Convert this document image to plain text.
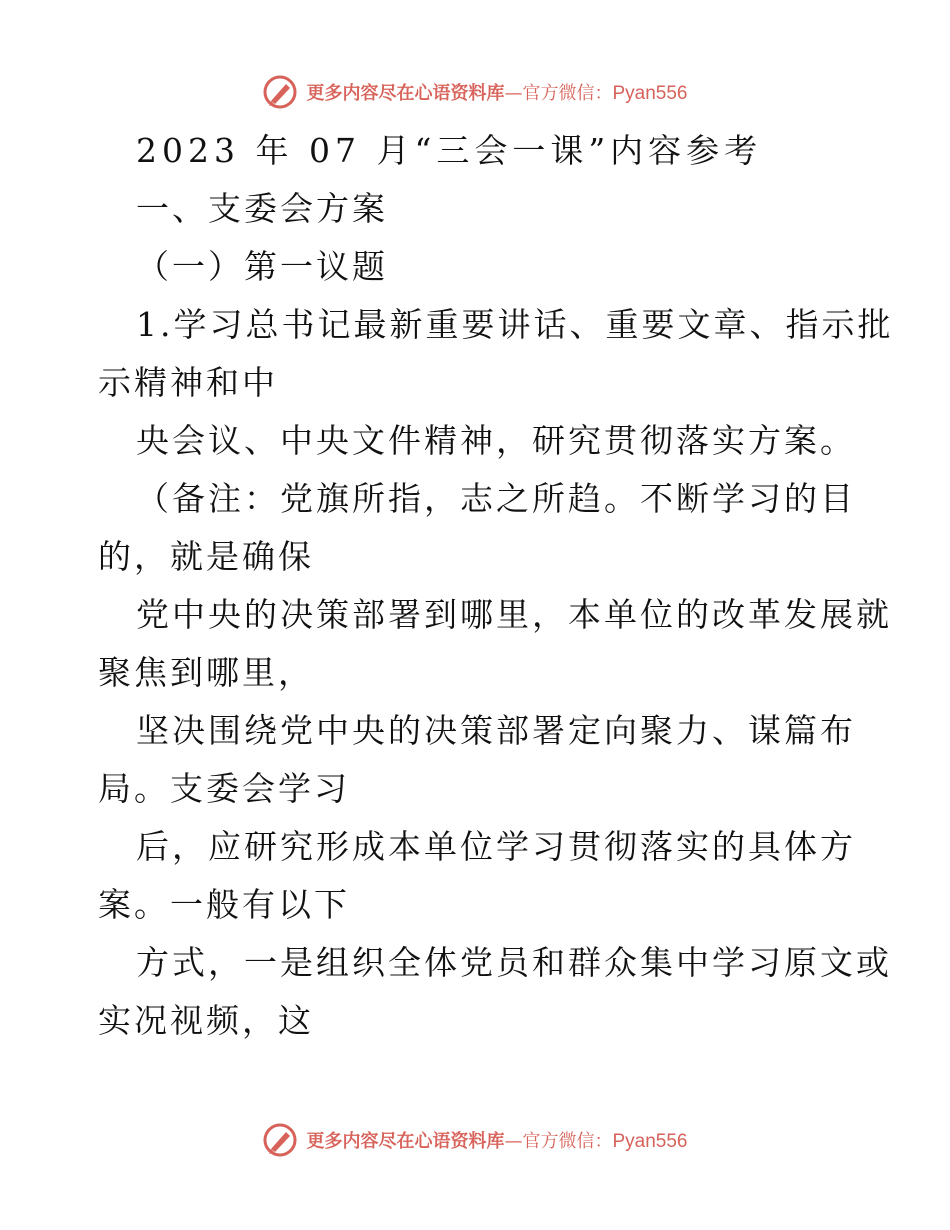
更多内容尽在心语资料库—官方微信：Pyan556
2023 年 07 月“三会一课”内容参考
一、支委会方案
（一）第一议题
1.学习总书记最新重要讲话、重要文章、指示批
示精神和中
央会议、中央文件精神，研究贯彻落实方案。
（备注：党旗所指，志之所趋。不断学习的目
的，就是确保
党中央的决策部署到哪里，本单位的改革发展就
聚焦到哪里，
坚决围绕党中央的决策部署定向聚力、谋篇布
局。支委会学习
后，应研究形成本单位学习贯彻落实的具体方
案。一般有以下
方式，一是组织全体党员和群众集中学习原文或
实况视频，这
更多内容尽在心语资料库—官方微信：Pyan556
